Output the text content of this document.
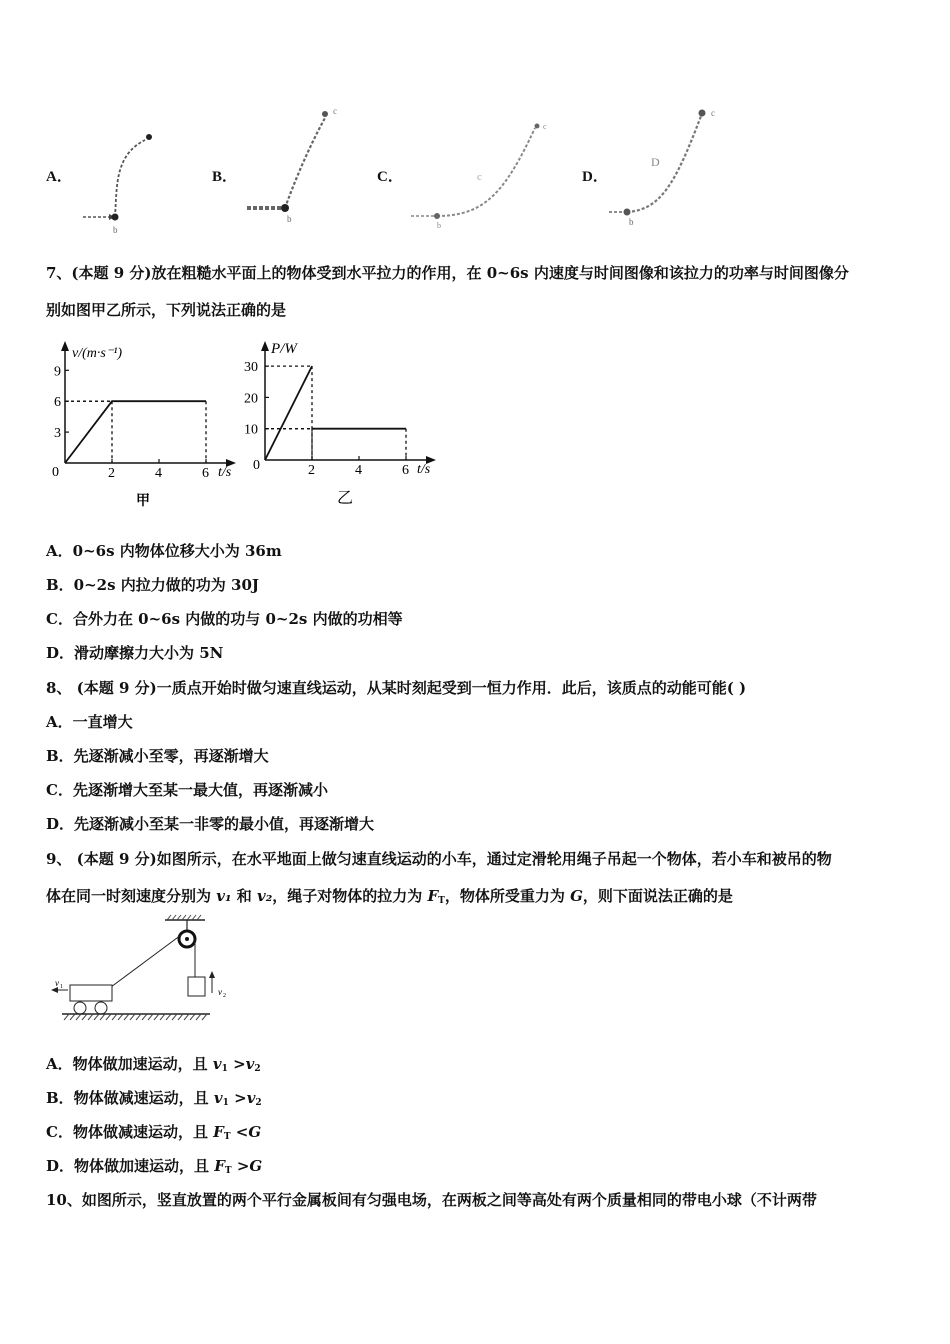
A．
b
B．
c
b
C．
c
c
b
D．
c
D
b
7、(本题 9 分)放在粗糙水平面上的物体受到水平拉力的作用，在 0~6s 内速度与时间图像和该拉力的功率与时间图像分
别如图甲乙所示，下列说法正确的是
v/(m·s⁻¹)
t/s
0	2	4	6
3
6
9
甲
P/W
t/s
0	2	4	6
10
20
30
乙
A．0~6s 内物体位移大小为 36m
B．0~2s 内拉力做的功为 30J
C．合外力在 0~6s 内做的功与 0~2s 内做的功相等
D．滑动摩擦力大小为 5N
8、 (本题 9 分)一质点开始时做匀速直线运动，从某时刻起受到一恒力作用．此后，该质点的动能可能( )
A．一直增大
B．先逐渐减小至零，再逐渐增大
C．先逐渐增大至某一最大值，再逐渐减小
D．先逐渐减小至某一非零的最小值，再逐渐增大
9、 (本题 9 分)如图所示，在水平地面上做匀速直线运动的小车，通过定滑轮用绳子吊起一个物体，若小车和被吊的物
体在同一时刻速度分别为 v₁ 和 v₂，绳子对物体的拉力为 $F_T$，物体所受重力为 G，则下面说法正确的是
v 2
v 1
A．物体做加速运动，且 $v_1 >v_2$
B．物体做减速运动，且 $v_1 >v_2$
C．物体做减速运动，且 $F_T <G$
D．物体做加速运动，且 $F_T >G$
10、如图所示，竖直放置的两个平行金属板间有匀强电场，在两板之间等高处有两个质量相同的带电小球（不计两带
